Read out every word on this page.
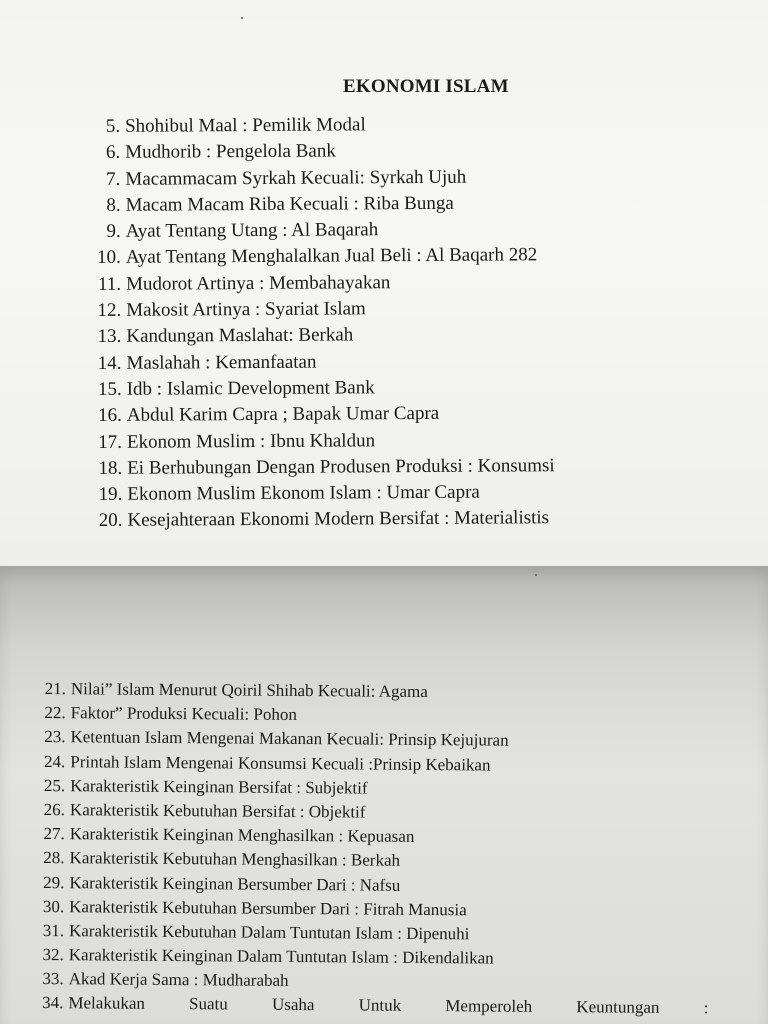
EKONOMI ISLAM
5. Shohibul Maal : Pemilik Modal
6. Mudhorib : Pengelola Bank
7. Macammacam Syrkah Kecuali: Syrkah Ujuh
8. Macam Macam Riba Kecuali : Riba Bunga
9. Ayat Tentang Utang : Al Baqarah
10. Ayat Tentang Menghalalkan Jual Beli : Al Baqarh 282
11. Mudorot Artinya : Membahayakan
12. Makosit Artinya : Syariat Islam
13. Kandungan Maslahat: Berkah
14. Maslahah : Kemanfaatan
15. Idb : Islamic Development Bank
16. Abdul Karim Capra ; Bapak Umar Capra
17. Ekonom Muslim : Ibnu Khaldun
18. Ei Berhubungan Dengan Produsen Produksi : Konsumsi
19. Ekonom Muslim Ekonom Islam : Umar Capra
20. Kesejahteraan Ekonomi Modern Bersifat : Materialistis
21. Nilai” Islam Menurut Qoiril Shihab Kecuali: Agama
22. Faktor” Produksi Kecuali: Pohon
23. Ketentuan Islam Mengenai Makanan Kecuali: Prinsip Kejujuran
24. Printah Islam Mengenai Konsumsi Kecuali :Prinsip Kebaikan
25. Karakteristik Keinginan Bersifat : Subjektif
26. Karakteristik Kebutuhan Bersifat : Objektif
27. Karakteristik Keinginan Menghasilkan : Kepuasan
28. Karakteristik Kebutuhan Menghasilkan : Berkah
29. Karakteristik Keinginan Bersumber Dari : Nafsu
30. Karakteristik Kebutuhan Bersumber Dari : Fitrah Manusia
31. Karakteristik Kebutuhan Dalam Tuntutan Islam : Dipenuhi
32. Karakteristik Keinginan Dalam Tuntutan Islam : Dikendalikan
33. Akad Kerja Sama : Mudharabah
34. Melakukan	Suatu	Usaha	Untuk	Memperoleh	Keuntungan	:
